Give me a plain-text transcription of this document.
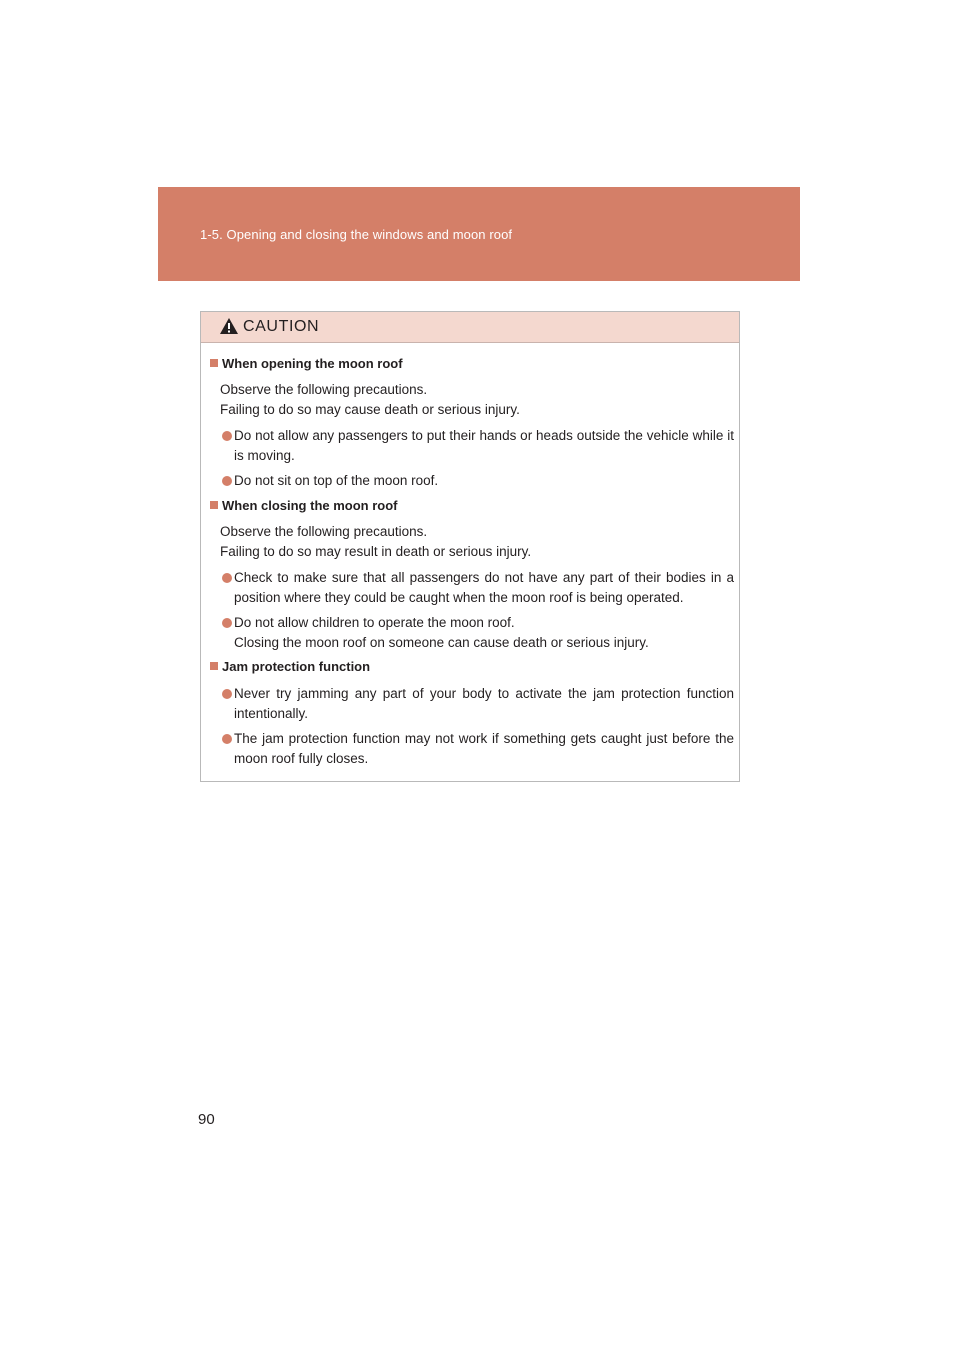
1-5. Opening and closing the windows and moon roof
CAUTION
When opening the moon roof
Observe the following precautions.
Failing to do so may cause death or serious injury.
Do not allow any passengers to put their hands or heads outside the vehicle while it is moving.
Do not sit on top of the moon roof.
When closing the moon roof
Observe the following precautions.
Failing to do so may result in death or serious injury.
Check to make sure that all passengers do not have any part of their bodies in a position where they could be caught when the moon roof is being operated.
Do not allow children to operate the moon roof.
Closing the moon roof on someone can cause death or serious injury.
Jam protection function
Never try jamming any part of your body to activate the jam protection function intentionally.
The jam protection function may not work if something gets caught just before the moon roof fully closes.
90
